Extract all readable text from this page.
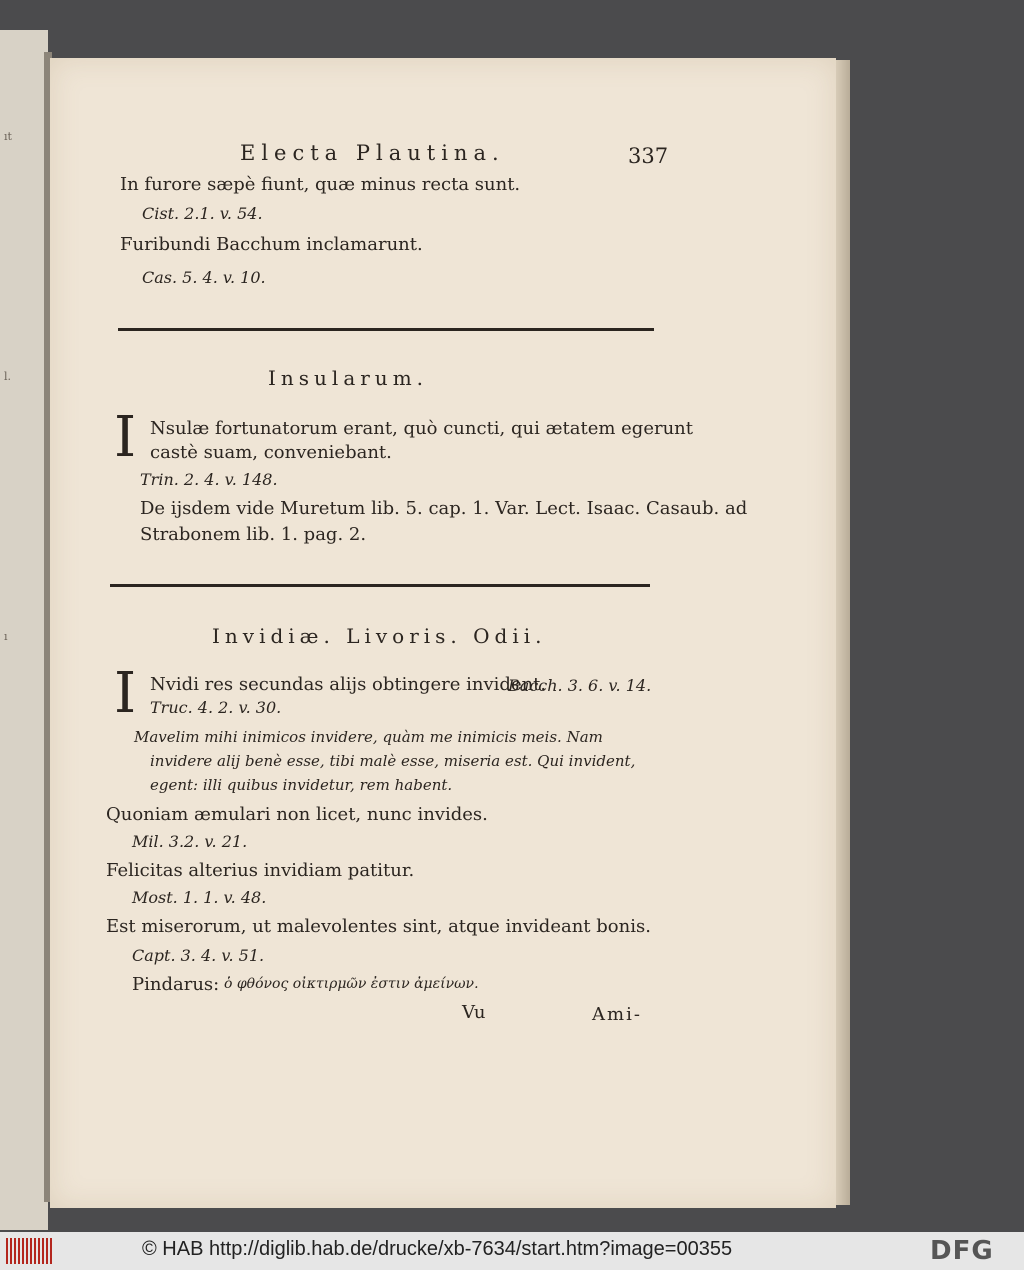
ıt
l.
ı
Electa Plautina.	337
In furore sæpè fiunt, quæ minus recta sunt.
Cist. 2.1. v. 54.
Furibundi Bacchum inclamarunt.
Cas. 5. 4. v. 10.
Insularum.
I Nsulæ fortunatorum erant, quò cuncti, qui ætatem egerunt
castè suam, conveniebant.
Trin. 2. 4. v. 148.
De ijsdem vide Muretum lib. 5. cap. 1. Var. Lect. Isaac. Casaub. ad
Strabonem lib. 1. pag. 2.
Invidiæ. Livoris. Odii.
I Nvidi res secundas alijs obtingere invident.
Bacch. 3. 6. v. 14.
Truc. 4. 2. v. 30.
Mavelim mihi inimicos invidere, quàm me inimicis meis. Nam
invidere alij benè esse, tibi malè esse, miseria est. Qui invident,
egent: illi quibus invidetur, rem habent.
Quoniam æmulari non licet, nunc invides.
Mil. 3.2. v. 21.
Felicitas alterius invidiam patitur.
Most. 1. 1. v. 48.
Est miserorum, ut malevolentes sint, atque invideant bonis.
Capt. 3. 4. v. 51.
Pindarus: ὁ φθόνος οἰκτιρμῶν ἐστιν ἀμείνων.
Vu	Ami-
© HAB http://diglib.hab.de/drucke/xb-7634/start.htm?image=00355	DFG
